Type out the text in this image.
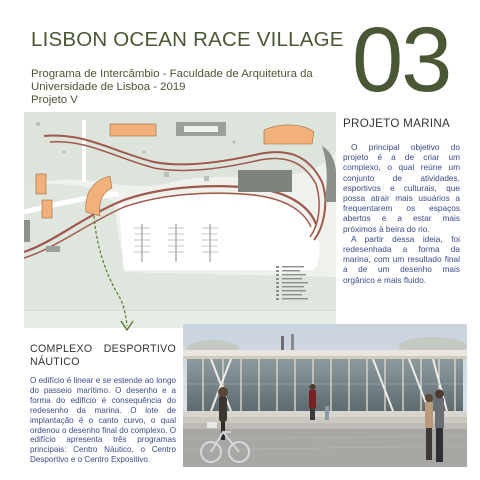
LISBON OCEAN RACE VILLAGE
Programa de Intercâmbio - Faculdade de Arquitetura da
Universidade de Lisboa - 2019
Projeto V	03
PROJETO MARINA

O principal objetivo do projeto é a de criar um complexo, o qual reúne um conjunto de atividades, esportivos e culturais, que possa atrair mais usuários a frequentarem os espaços abertos e a estar mais próximos à beira do rio.

A partir dessa ideia, foi redesenhada a forma da marina, com um resultado final a de um desenho mais orgânico e mais fluido.

COMPLEXO DESPORTIVO
NÁUTICO
O edifício é linear e se estende ao longo do passeio marítimo. O desenho e a forma do edifício é consequência do redesenho da marina. O lote de implantação é o canto curvo, o qual ordenou o desenho final do complexo. O edifício apresenta três programas principais: Centro Náutico, o Centro Desportivo e o Centro Expositivo.
